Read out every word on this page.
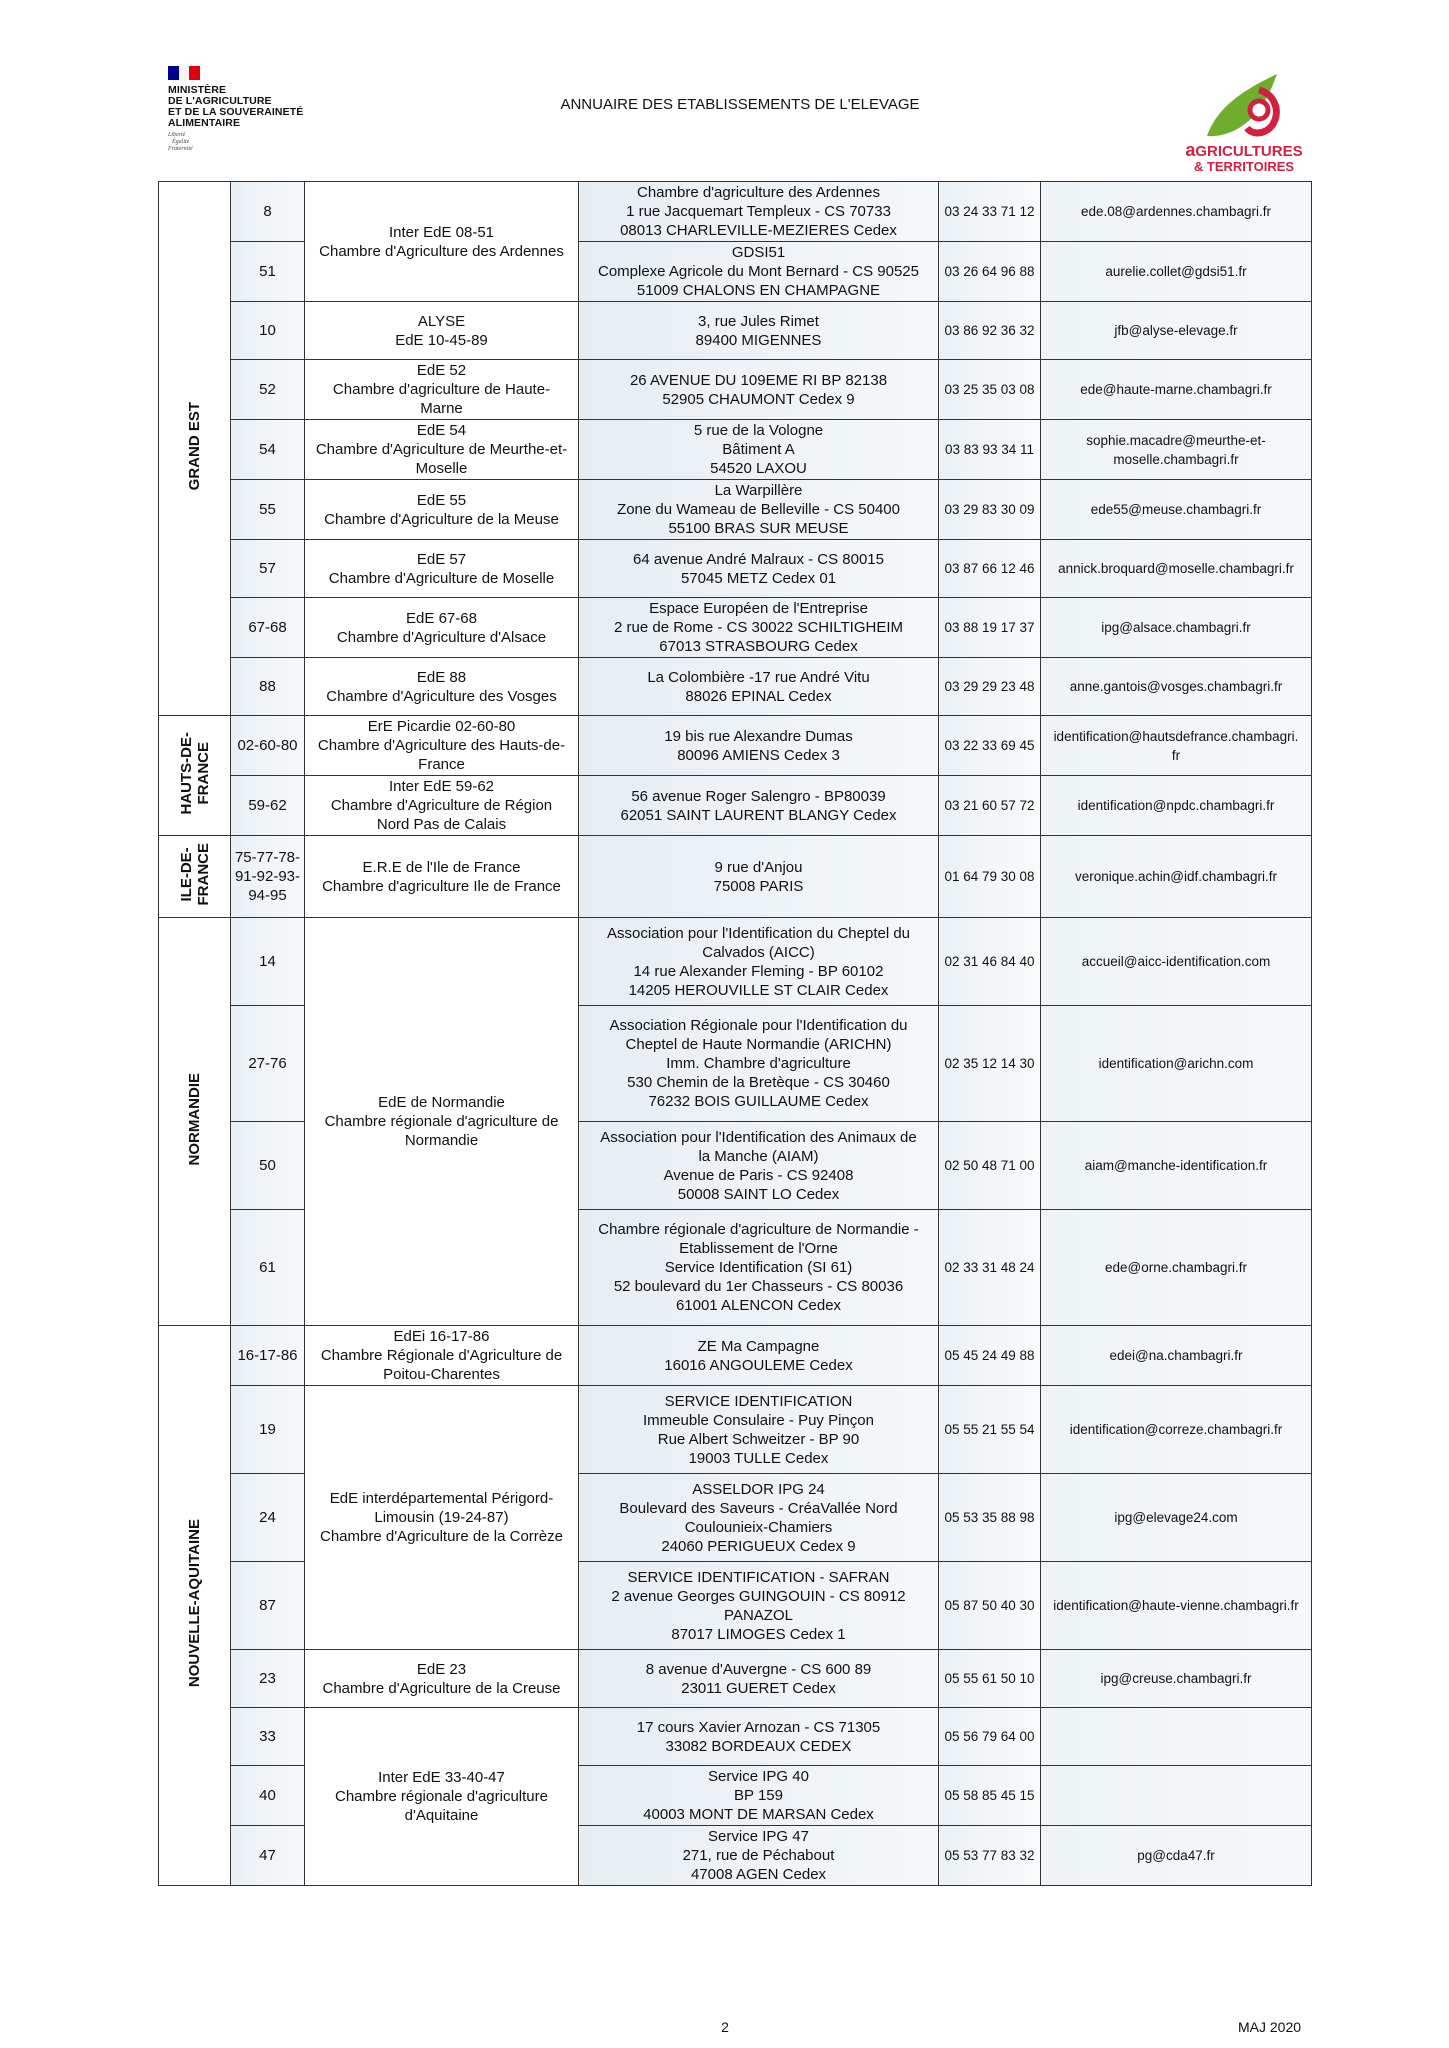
MINISTÈRE
DE L'AGRICULTURE
ET DE LA SOUVERAINETÉ
ALIMENTAIRE
Liberté
Égalité
Fraternité
ANNUAIRE DES ETABLISSEMENTS DE L'ELEVAGE
aGRICULTURES
& TERRITOIRES
GRAND EST	8	Inter EdE 08-51
Chambre d'Agriculture des Ardennes	Chambre d'agriculture des Ardennes
1 rue Jacquemart Templeux - CS 70733
08013 CHARLEVILLE-MEZIERES Cedex	03 24 33 71 12	ede.08@ardennes.chambagri.fr
	51		GDSI51
Complexe Agricole du Mont Bernard - CS 90525
51009 CHALONS EN CHAMPAGNE	03 26 64 96 88	aurelie.collet@gdsi51.fr
	10	ALYSE
EdE 10-45-89	3, rue Jules Rimet
89400 MIGENNES	03 86 92 36 32	jfb@alyse-elevage.fr
	52	EdE 52
Chambre d'agriculture de Haute-
Marne	26 AVENUE DU 109EME RI BP 82138
52905 CHAUMONT Cedex 9	03 25 35 03 08	ede@haute-marne.chambagri.fr
	54	EdE 54
Chambre d'Agriculture de Meurthe-et-
Moselle	5 rue de la Vologne
Bâtiment A
54520 LAXOU	03 83 93 34 11	sophie.macadre@meurthe-et-
moselle.chambagri.fr
	55	EdE 55
Chambre d'Agriculture de la Meuse	La Warpillère
Zone du Wameau de Belleville - CS 50400
55100 BRAS SUR MEUSE	03 29 83 30 09	ede55@meuse.chambagri.fr
	57	EdE 57
Chambre d'Agriculture de Moselle	64 avenue André Malraux - CS 80015
57045 METZ Cedex 01	03 87 66 12 46	annick.broquard@moselle.chambagri.fr
	67-68	EdE 67-68
Chambre d'Agriculture d'Alsace	Espace Européen de l'Entreprise
2 rue de Rome - CS 30022 SCHILTIGHEIM
67013 STRASBOURG Cedex	03 88 19 17 37	ipg@alsace.chambagri.fr
	88	EdE 88
Chambre d'Agriculture des Vosges	La Colombière -17 rue André Vitu
88026 EPINAL Cedex	03 29 29 23 48	anne.gantois@vosges.chambagri.fr
HAUTS-DE-
FRANCE	02-60-80	ErE Picardie 02-60-80
Chambre d'Agriculture des Hauts-de-
France	19 bis rue Alexandre Dumas
80096 AMIENS Cedex 3	03 22 33 69 45	identification@hautsdefrance.chambagri.
fr
	59-62	Inter EdE 59-62
Chambre d'Agriculture de Région
Nord Pas de Calais	56 avenue Roger Salengro - BP80039
62051 SAINT LAURENT BLANGY Cedex	03 21 60 57 72	identification@npdc.chambagri.fr
ILE-DE-
FRANCE	75-77-78-
91-92-93-
94-95	E.R.E de l'Ile de France
Chambre d'agriculture Ile de France	9 rue d'Anjou
75008 PARIS	01 64 79 30 08	veronique.achin@idf.chambagri.fr
NORMANDIE	14	EdE de Normandie
Chambre régionale d'agriculture de
Normandie	Association pour l'Identification du Cheptel du
Calvados (AICC)
14 rue Alexander Fleming - BP 60102
14205 HEROUVILLE ST CLAIR Cedex	02 31 46 84 40	accueil@aicc-identification.com
	27-76		Association Régionale pour l'Identification du
Cheptel de Haute Normandie (ARICHN)
Imm. Chambre d'agriculture
530 Chemin de la Bretèque - CS 30460
76232 BOIS GUILLAUME Cedex	02 35 12 14 30	identification@arichn.com
	50		Association pour l'Identification des Animaux de
la Manche (AIAM)
Avenue de Paris - CS 92408
50008 SAINT LO Cedex	02 50 48 71 00	aiam@manche-identification.fr
	61		Chambre régionale d'agriculture de Normandie -
Etablissement de l'Orne
Service Identification (SI 61)
52 boulevard du 1er Chasseurs - CS 80036
61001 ALENCON Cedex	02 33 31 48 24	ede@orne.chambagri.fr
NOUVELLE-AQUITAINE	16-17-86	EdEi 16-17-86
Chambre Régionale d'Agriculture de
Poitou-Charentes	ZE Ma Campagne
16016 ANGOULEME Cedex	05 45 24 49 88	edei@na.chambagri.fr
	19	EdE interdépartemental Périgord-
Limousin (19-24-87)
Chambre d'Agriculture de la Corrèze	SERVICE IDENTIFICATION
Immeuble Consulaire - Puy Pinçon
Rue Albert Schweitzer - BP 90
19003 TULLE Cedex	05 55 21 55 54	identification@correze.chambagri.fr
	24		ASSELDOR IPG 24
Boulevard des Saveurs - CréaVallée Nord
Coulounieix-Chamiers
24060 PERIGUEUX Cedex 9	05 53 35 88 98	ipg@elevage24.com
	87		SERVICE IDENTIFICATION - SAFRAN
2 avenue Georges GUINGOUIN - CS 80912
PANAZOL
87017 LIMOGES Cedex 1	05 87 50 40 30	identification@haute-vienne.chambagri.fr
	23	EdE 23
Chambre d'Agriculture de la Creuse	8 avenue d'Auvergne - CS 600 89
23011 GUERET Cedex	05 55 61 50 10	ipg@creuse.chambagri.fr
	33	Inter EdE 33-40-47
Chambre régionale d'agriculture
d'Aquitaine	17 cours Xavier Arnozan - CS 71305
33082 BORDEAUX CEDEX	05 56 79 64 00	
	40		Service IPG 40
BP 159
40003 MONT DE MARSAN Cedex	05 58 85 45 15	
	47		Service IPG 47
271, rue de Péchabout
47008 AGEN Cedex	05 53 77 83 32	pg@cda47.fr
2	MAJ 2020
